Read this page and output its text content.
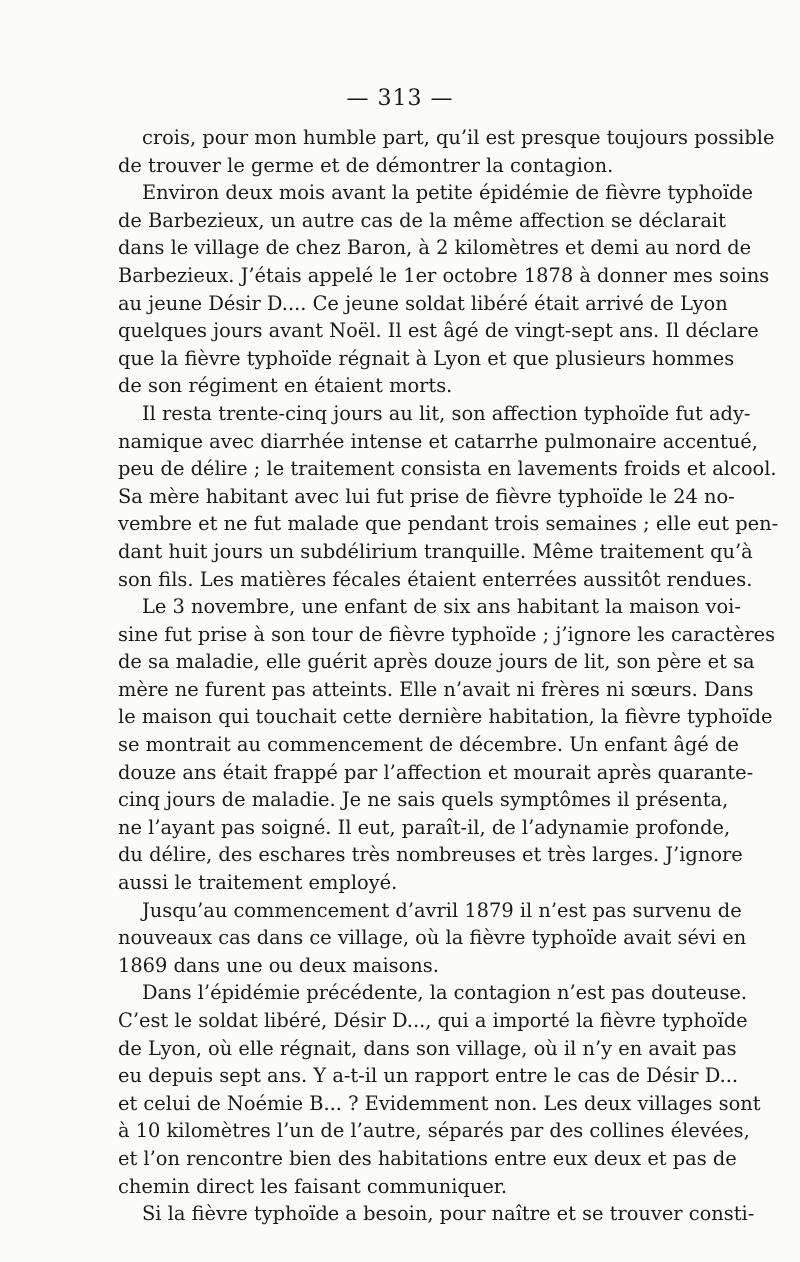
— 313 —
crois, pour mon humble part, qu’il est presque toujours possible
de trouver le germe et de démontrer la contagion.
Environ deux mois avant la petite épidémie de fièvre typhoïde
de Barbezieux, un autre cas de la même affection se déclarait
dans le village de chez Baron, à 2 kilomètres et demi au nord de
Barbezieux. J’étais appelé le 1er octobre 1878 à donner mes soins
au jeune Désir D.... Ce jeune soldat libéré était arrivé de Lyon
quelques jours avant Noël. Il est âgé de vingt-sept ans. Il déclare
que la fièvre typhoïde régnait à Lyon et que plusieurs hommes
de son régiment en étaient morts.
Il resta trente-cinq jours au lit, son affection typhoïde fut ady-
namique avec diarrhée intense et catarrhe pulmonaire accentué,
peu de délire ; le traitement consista en lavements froids et alcool.
Sa mère habitant avec lui fut prise de fièvre typhoïde le 24 no-
vembre et ne fut malade que pendant trois semaines ; elle eut pen-
dant huit jours un subdélirium tranquille. Même traitement qu’à
son fils. Les matières fécales étaient enterrées aussitôt rendues.
Le 3 novembre, une enfant de six ans habitant la maison voi-
sine fut prise à son tour de fièvre typhoïde ; j’ignore les caractères
de sa maladie, elle guérit après douze jours de lit, son père et sa
mère ne furent pas atteints. Elle n’avait ni frères ni sœurs. Dans
le maison qui touchait cette dernière habitation, la fièvre typhoïde
se montrait au commencement de décembre. Un enfant âgé de
douze ans était frappé par l’affection et mourait après quarante-
cinq jours de maladie. Je ne sais quels symptômes il présenta,
ne l’ayant pas soigné. Il eut, paraît-il, de l’adynamie profonde,
du délire, des eschares très nombreuses et très larges. J’ignore
aussi le traitement employé.
Jusqu’au commencement d’avril 1879 il n’est pas survenu de
nouveaux cas dans ce village, où la fièvre typhoïde avait sévi en
1869 dans une ou deux maisons.
Dans l’épidémie précédente, la contagion n’est pas douteuse.
C’est le soldat libéré, Désir D..., qui a importé la fièvre typhoïde
de Lyon, où elle régnait, dans son village, où il n’y en avait pas
eu depuis sept ans. Y a-t-il un rapport entre le cas de Désir D...
et celui de Noémie B... ? Evidemment non. Les deux villages sont
à 10 kilomètres l’un de l’autre, séparés par des collines élevées,
et l’on rencontre bien des habitations entre eux deux et pas de
chemin direct les faisant communiquer.
Si la fièvre typhoïde a besoin, pour naître et se trouver consti-
